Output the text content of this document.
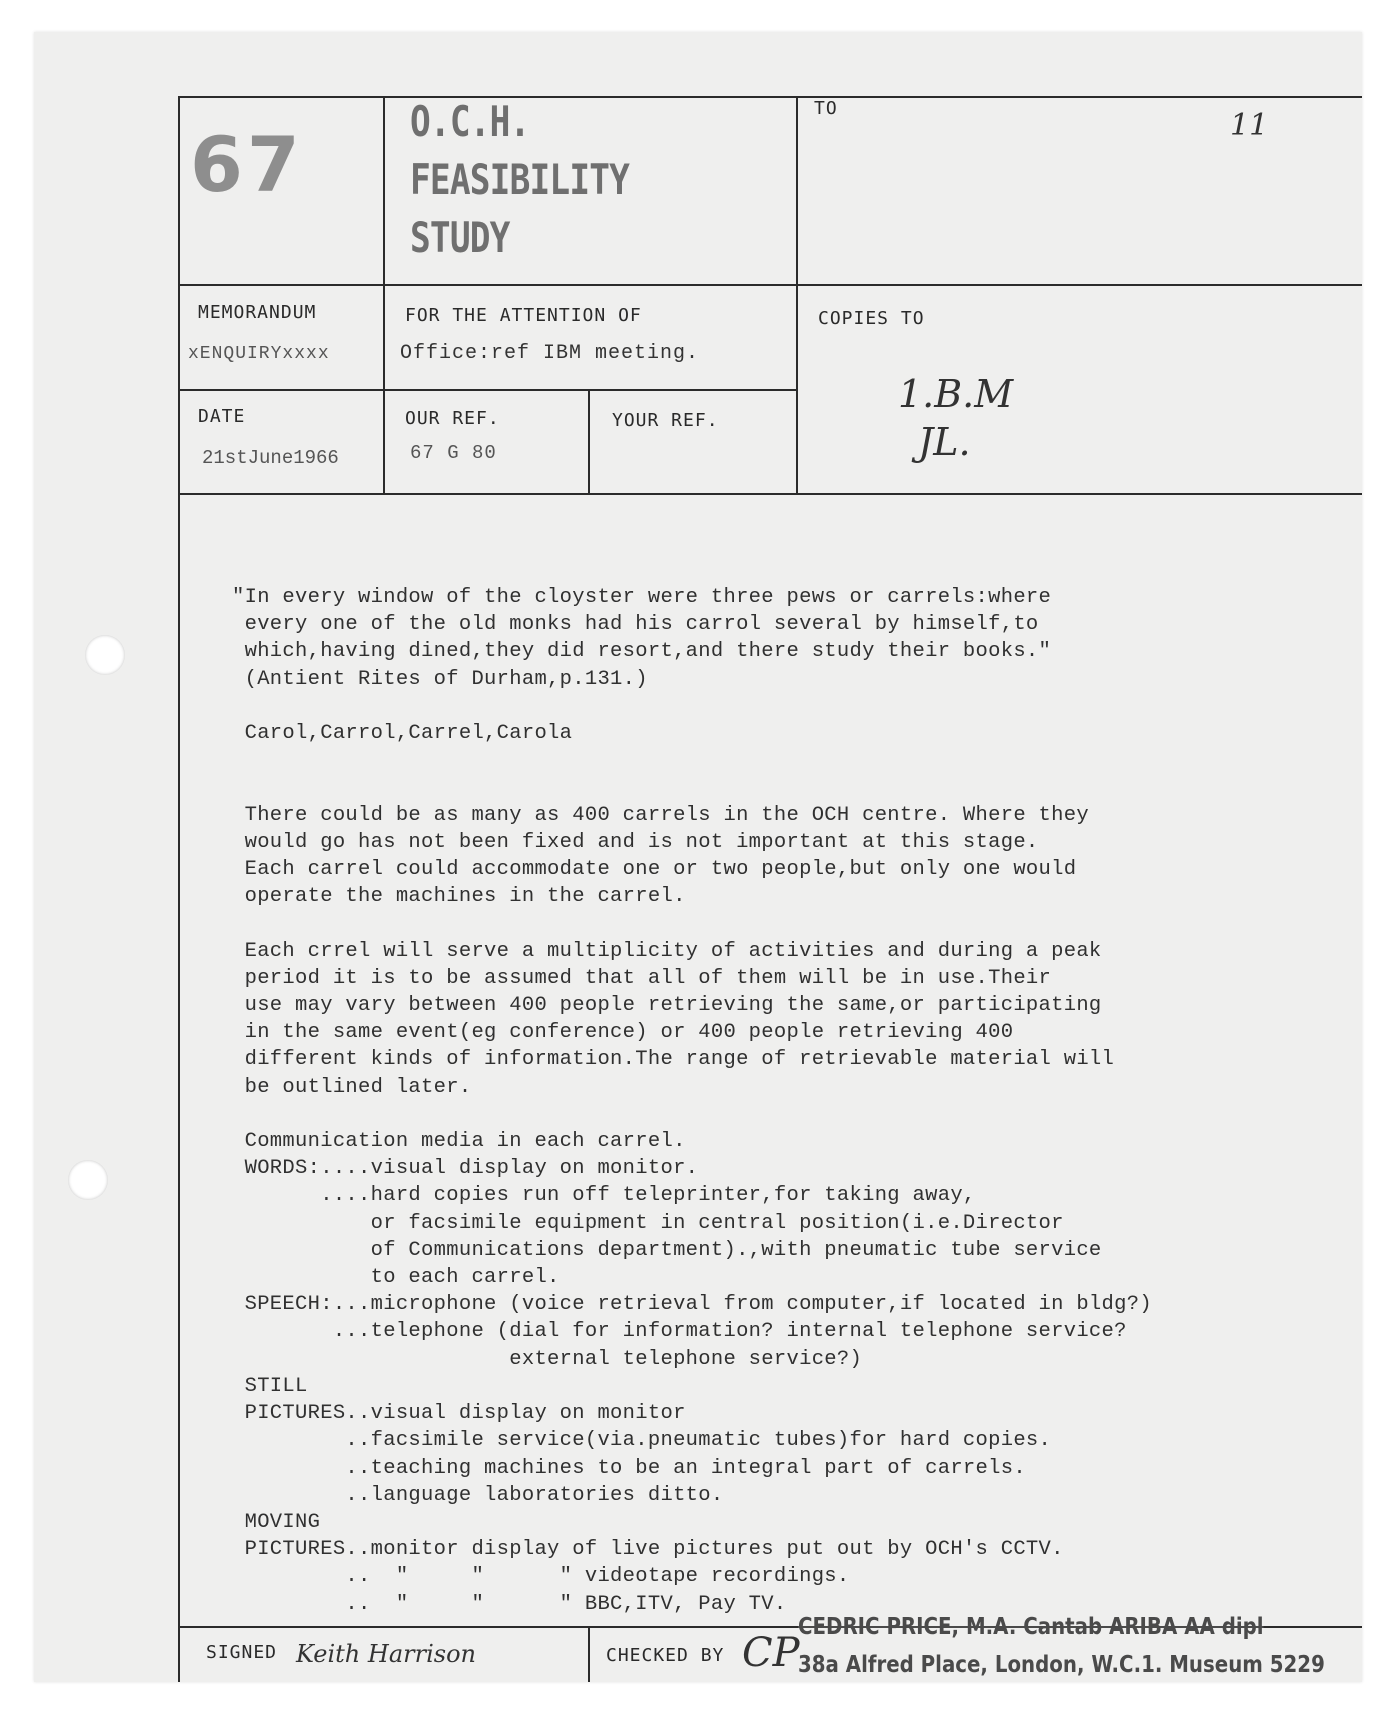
67	O.C.H.
FEASIBILITY
STUDY
TO	11
MEMORANDUM
xENQUIRYxxxx
FOR THE ATTENTION OF
Office:ref IBM meeting.
COPIES TO
1.B.M
JL.
DATE
21stJune1966
OUR REF.
67 G 80
YOUR REF.
"In every window of the cloyster were three pews or carrels:where
every one of the old monks had his carrol several by himself,to
which,having dined,they did resort,and there study their books."
(Antient Rites of Durham,p.131.)

Carol,Carrol,Carrel,Carola

There could be as many as 400 carrels in the OCH centre. Where they
would go has not been fixed and is not important at this stage.
Each carrel could accommodate one or two people,but only one would
operate the machines in the carrel.

Each crrel will serve a multiplicity of activities and during a peak
period it is to be assumed that all of them will be in use.Their
use may vary between 400 people retrieving the same,or participating
in the same event(eg conference) or 400 people retrieving 400
different kinds of information.The range of retrievable material will
be outlined later.

Communication media in each carrel.
WORDS:....visual display on monitor.
....hard copies run off teleprinter,for taking away,
or facsimile equipment in central position(i.e.Director
of Communications department).,with pneumatic tube service
to each carrel.
SPEECH:...microphone (voice retrieval from computer,if located in bldg?)
...telephone (dial for information? internal telephone service?
external telephone service?)
STILL
PICTURES..visual display on monitor
..facsimile service(via.pneumatic tubes)for hard copies.
..teaching machines to be an integral part of carrels.
..language laboratories ditto.
MOVING
PICTURES..monitor display of live pictures put out by OCH's CCTV.
..  "     "      " videotape recordings.
..  "     "      " BBC,ITV, Pay TV.
SIGNED Keith Harrison	CHECKED BY CP
CEDRIC PRICE, M.A. Cantab ARIBA AA dipl
38a Alfred Place, London, W.C.1. Museum 5229
